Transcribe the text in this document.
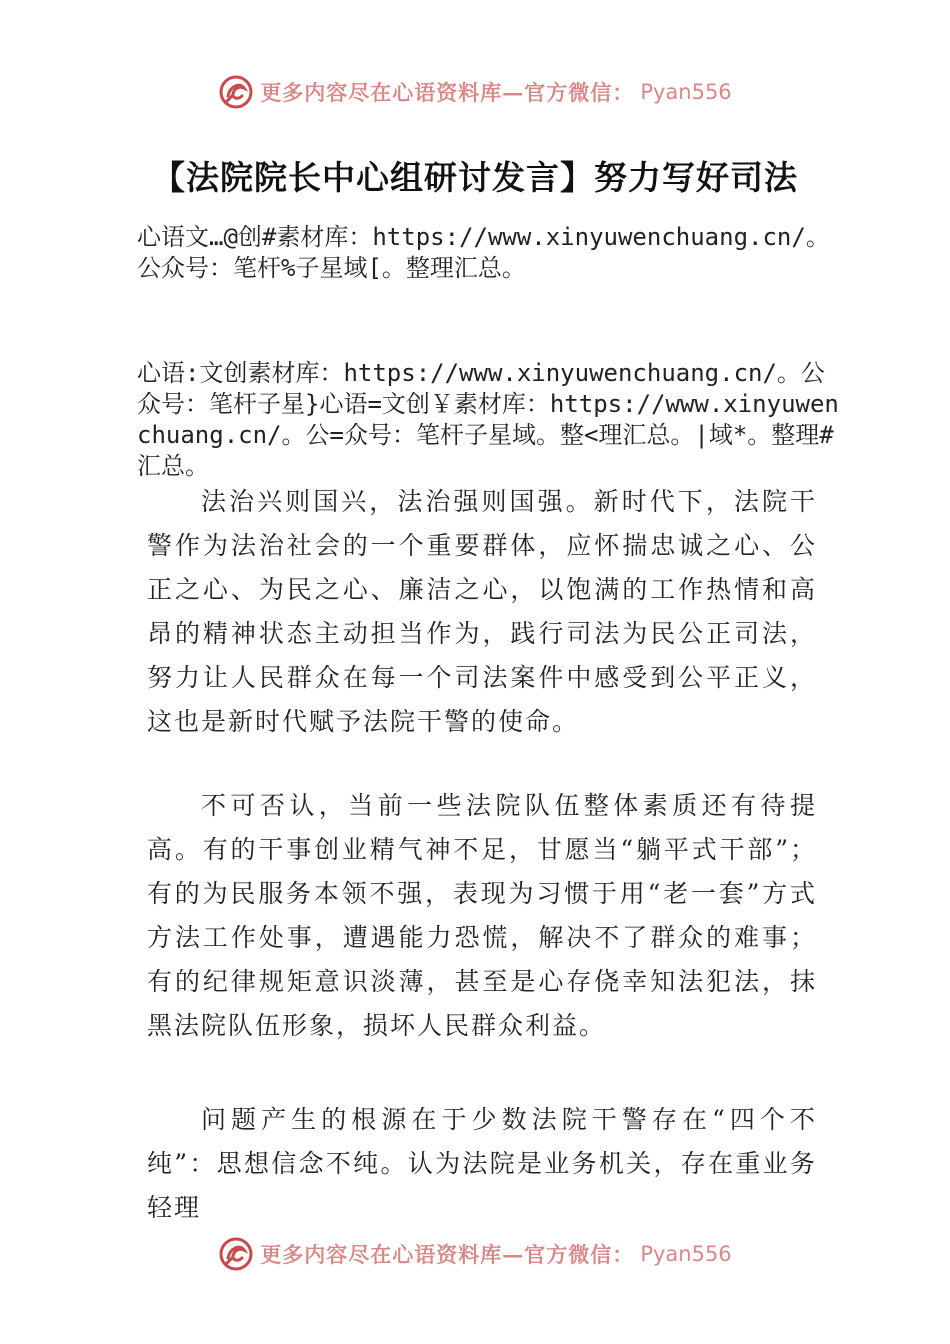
更多内容尽在心语资料库—官方微信： Pyan556
【法院院长中心组研讨发言】努力写好司法
心语文…@创#素材库：https://www.xinyuwenchuang.cn/。公众号：笔杆%子星域[。整理汇总。
心语:文创素材库：https://www.xinyuwenchuang.cn/。公众号：笔杆子星}心语=文创￥素材库：https://www.xinyuwenchuang.cn/。公=众号：笔杆子星域。整<理汇总。|域*。整理#汇总。
法治兴则国兴，法治强则国强。新时代下，法院干警作为法治社会的一个重要群体，应怀揣忠诚之心、公正之心、为民之心、廉洁之心，以饱满的工作热情和高昂的精神状态主动担当作为，践行司法为民公正司法，努力让人民群众在每一个司法案件中感受到公平正义，这也是新时代赋予法院干警的使命。
不可否认，当前一些法院队伍整体素质还有待提高。有的干事创业精气神不足，甘愿当“躺平式干部”；有的为民服务本领不强，表现为习惯于用“老一套”方式方法工作处事，遭遇能力恐慌，解决不了群众的难事；有的纪律规矩意识淡薄，甚至是心存侥幸知法犯法，抹黑法院队伍形象，损坏人民群众利益。
问题产生的根源在于少数法院干警存在“四个不纯”：思想信念不纯。认为法院是业务机关，存在重业务轻理
更多内容尽在心语资料库—官方微信： Pyan556
